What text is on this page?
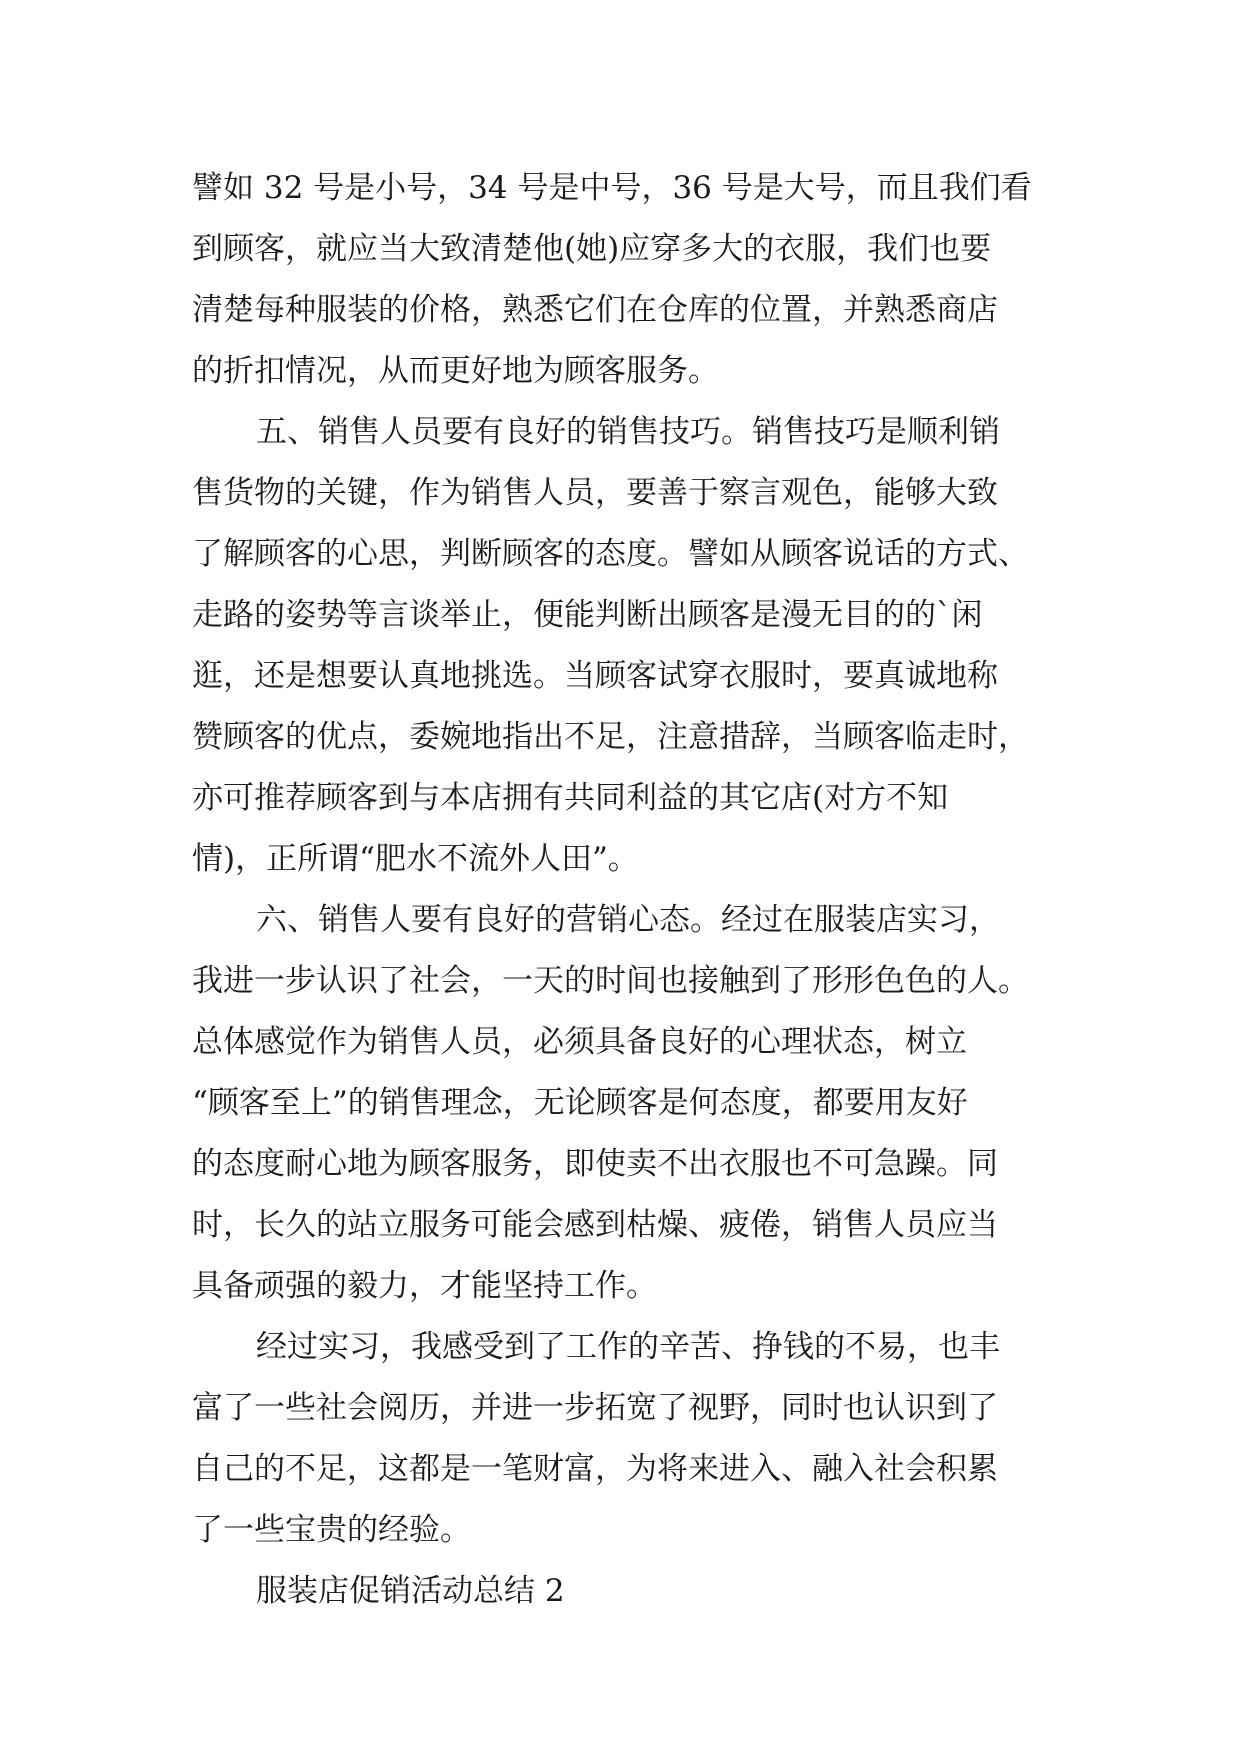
譬如 32 号是小号，34 号是中号，36 号是大号，而且我们看
到顾客，就应当大致清楚他(她)应穿多大的衣服，我们也要
清楚每种服装的价格，熟悉它们在仓库的位置，并熟悉商店
的折扣情况，从而更好地为顾客服务。
五、销售人员要有良好的销售技巧。销售技巧是顺利销
售货物的关键，作为销售人员，要善于察言观色，能够大致
了解顾客的心思，判断顾客的态度。譬如从顾客说话的方式、
走路的姿势等言谈举止，便能判断出顾客是漫无目的的`闲
逛，还是想要认真地挑选。当顾客试穿衣服时，要真诚地称
赞顾客的优点，委婉地指出不足，注意措辞，当顾客临走时，
亦可推荐顾客到与本店拥有共同利益的其它店(对方不知
情)，正所谓“肥水不流外人田”。
六、销售人要有良好的营销心态。经过在服装店实习，
我进一步认识了社会，一天的时间也接触到了形形色色的人。
总体感觉作为销售人员，必须具备良好的心理状态，树立
“顾客至上”的销售理念，无论顾客是何态度，都要用友好
的态度耐心地为顾客服务，即使卖不出衣服也不可急躁。同
时，长久的站立服务可能会感到枯燥、疲倦，销售人员应当
具备顽强的毅力，才能坚持工作。
经过实习，我感受到了工作的辛苦、挣钱的不易，也丰
富了一些社会阅历，并进一步拓宽了视野，同时也认识到了
自己的不足，这都是一笔财富，为将来进入、融入社会积累
了一些宝贵的经验。
服装店促销活动总结 2
